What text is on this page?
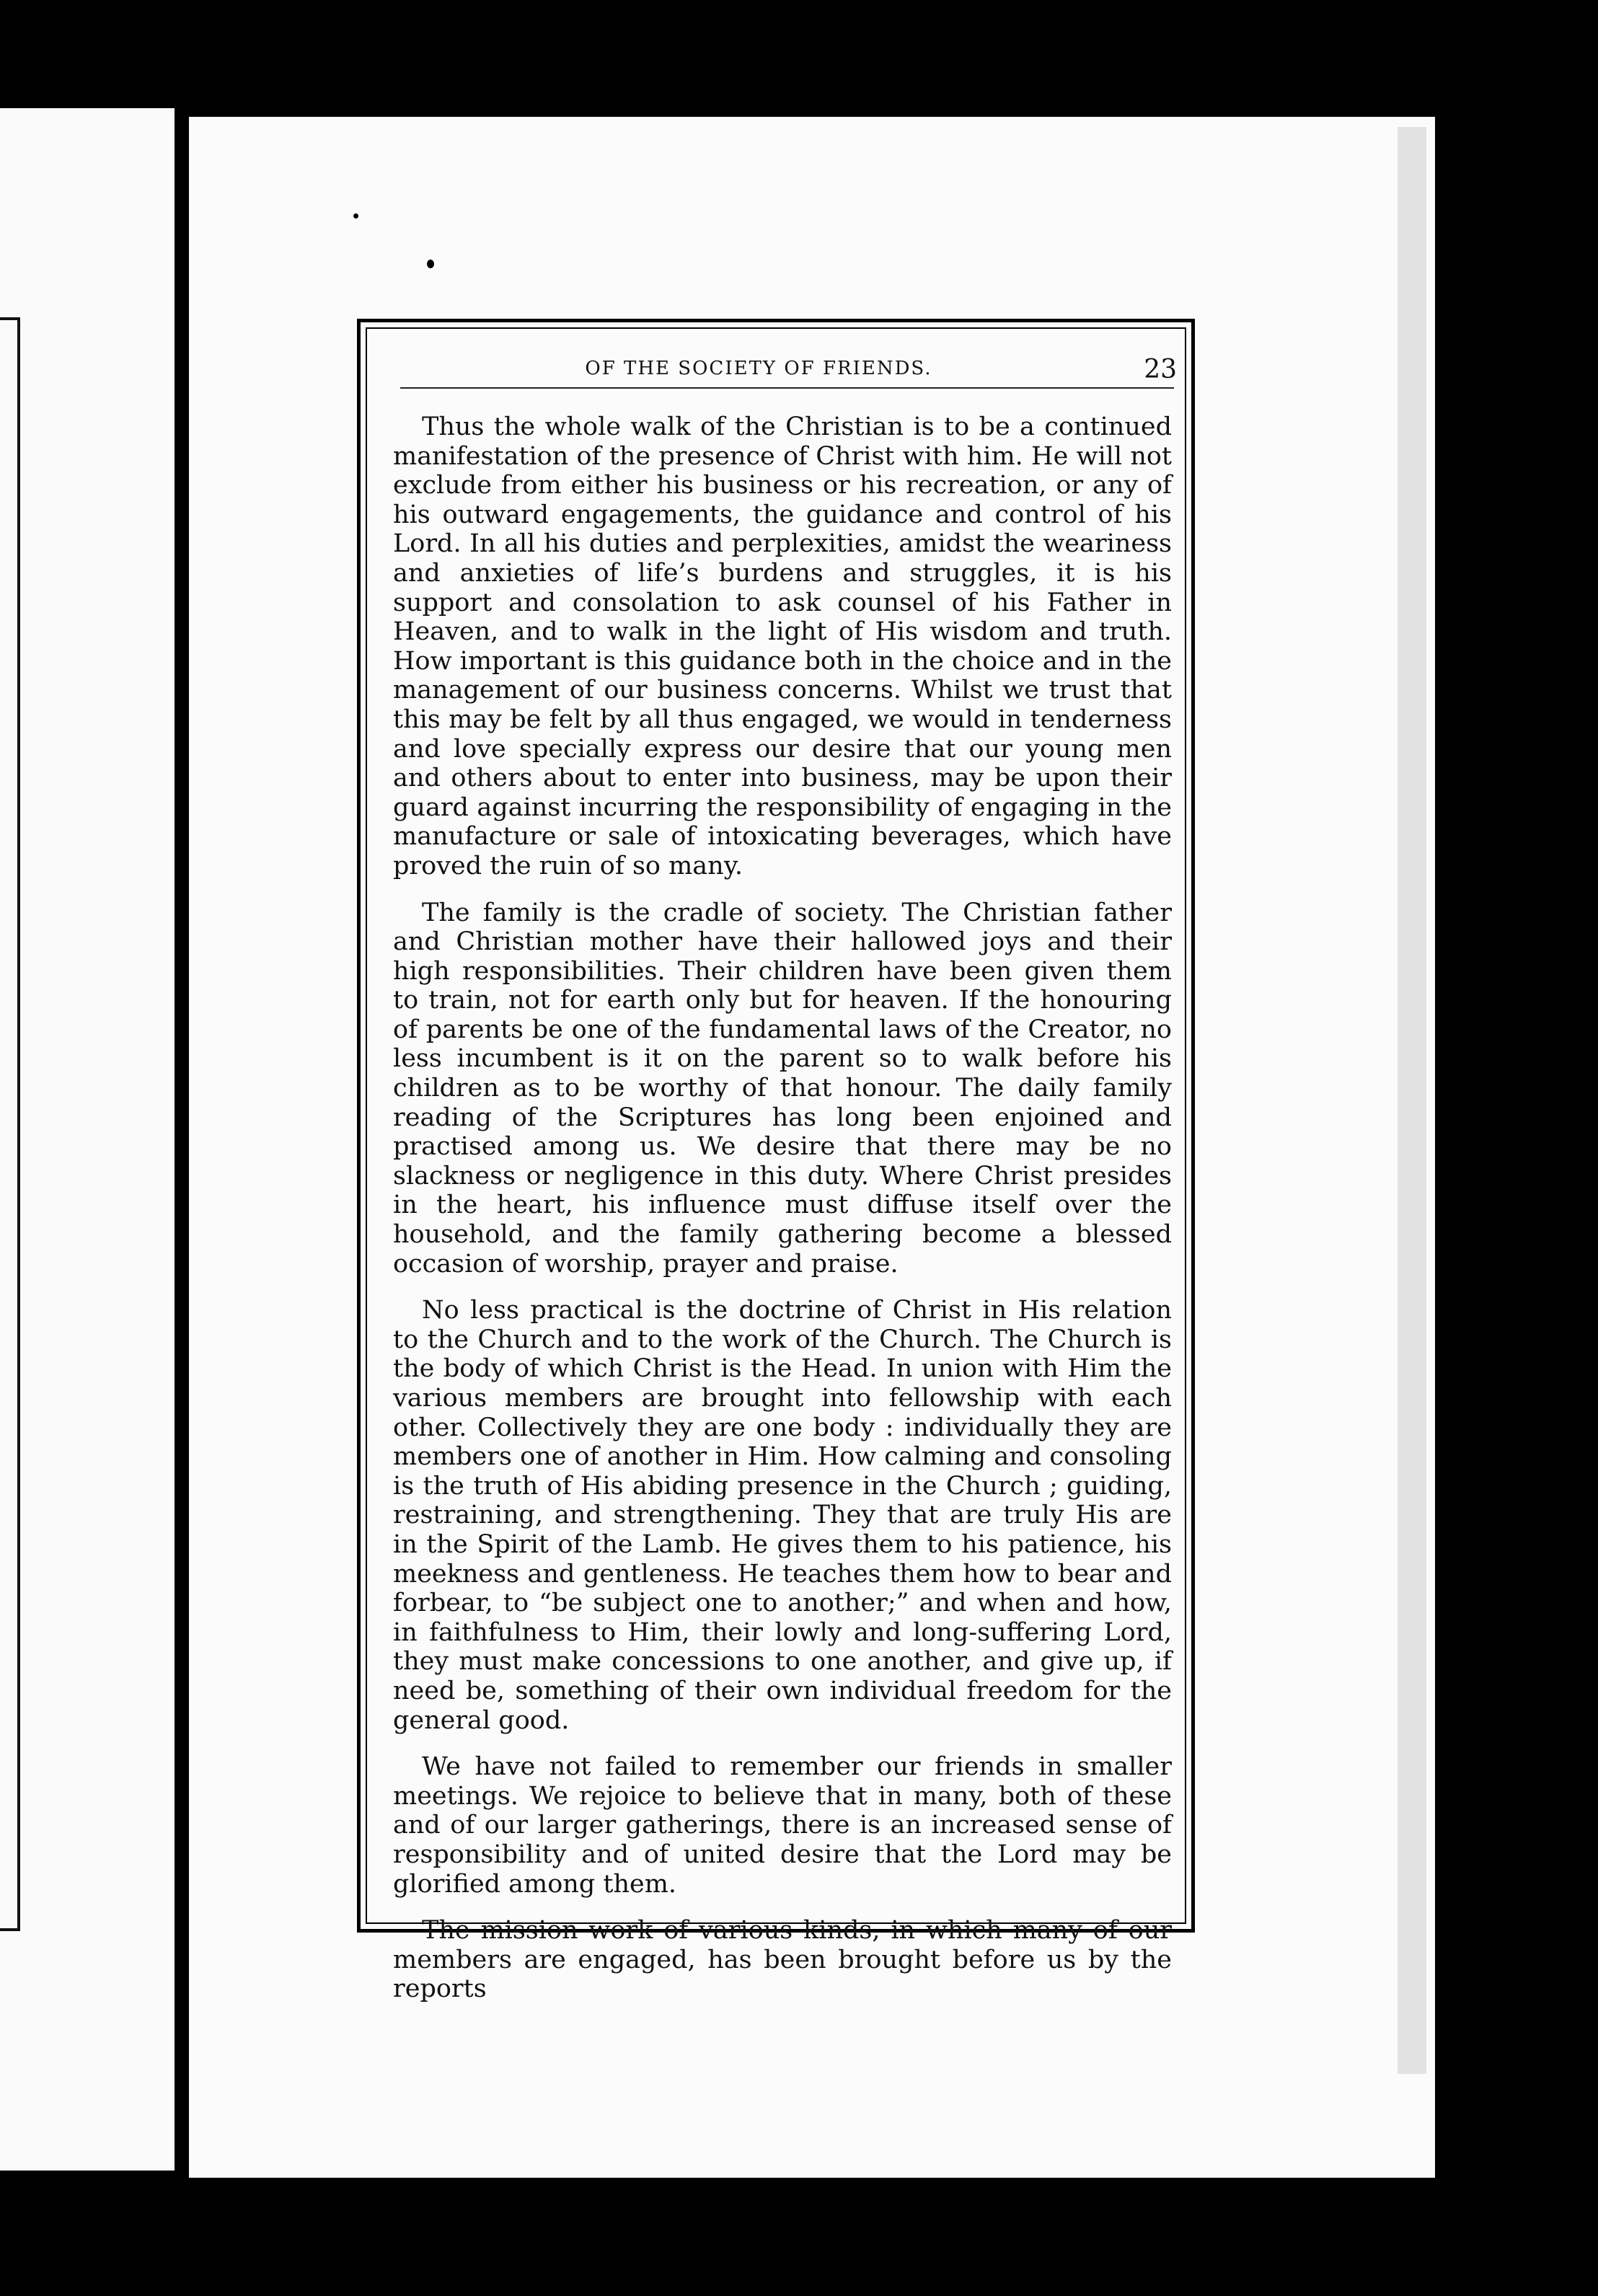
OF THE SOCIETY OF FRIENDS.	23

Thus the whole walk of the Christian is to be a continued manifestation of the presence of Christ with him. He will not exclude from either his business or his recreation, or any of his outward engagements, the guidance and control of his Lord. In all his duties and perplexities, amidst the weariness and anxieties of life’s burdens and struggles, it is his support and consolation to ask counsel of his Father in Heaven, and to walk in the light of His wisdom and truth. How important is this guidance both in the choice and in the management of our business concerns. Whilst we trust that this may be felt by all thus engaged, we would in tenderness and love specially express our desire that our young men and others about to enter into business, may be upon their guard against incurring the responsibility of engaging in the manufacture or sale of intoxicating beverages, which have proved the ruin of so many.

The family is the cradle of society. The Christian father and Christian mother have their hallowed joys and their high responsibilities. Their children have been given them to train, not for earth only but for heaven. If the honouring of parents be one of the fundamental laws of the Creator, no less incumbent is it on the parent so to walk before his children as to be worthy of that honour. The daily family reading of the Scriptures has long been enjoined and practised among us. We desire that there may be no slackness or negligence in this duty. Where Christ presides in the heart, his influence must diffuse itself over the household, and the family gathering become a blessed occasion of worship, prayer and praise.

No less practical is the doctrine of Christ in His relation to the Church and to the work of the Church. The Church is the body of which Christ is the Head. In union with Him the various members are brought into fellowship with each other. Collectively they are one body : individually they are members one of another in Him. How calming and consoling is the truth of His abiding presence in the Church ; guiding, restraining, and strengthening. They that are truly His are in the Spirit of the Lamb. He gives them to his patience, his meekness and gentleness. He teaches them how to bear and forbear, to “be subject one to another;” and when and how, in faithfulness to Him, their lowly and long-suffering Lord, they must make concessions to one another, and give up, if need be, something of their own individual freedom for the general good.

We have not failed to remember our friends in smaller meetings. We rejoice to believe that in many, both of these and of our larger gatherings, there is an increased sense of responsibility and of united desire that the Lord may be glorified among them.

The mission work of various kinds, in which many of our members are engaged, has been brought before us by the reports
